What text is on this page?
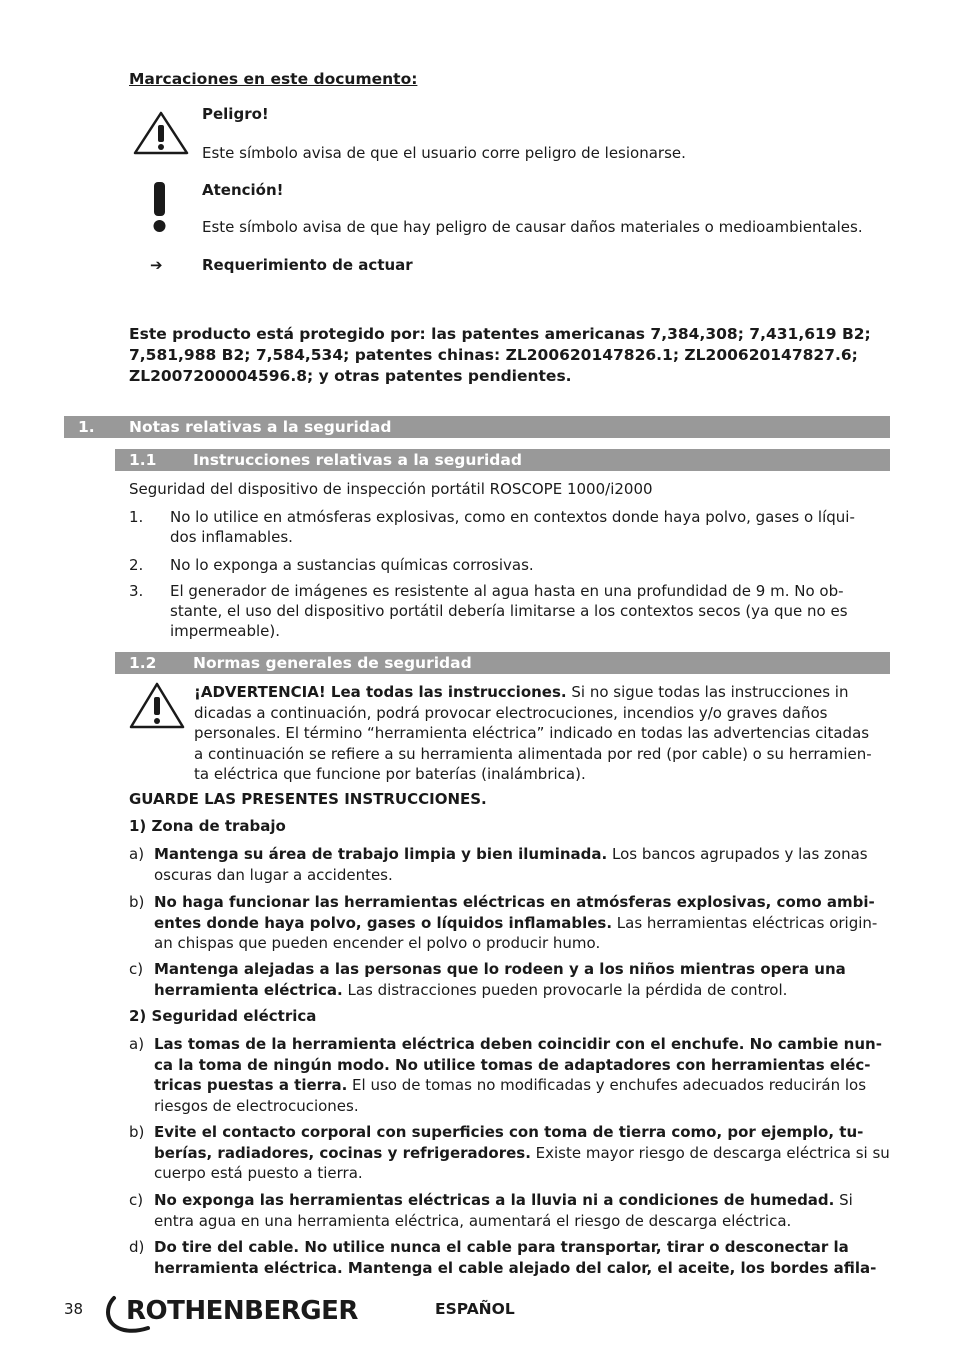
Marcaciones en este documento:
Peligro!
Este símbolo avisa de que el usuario corre peligro de lesionarse.
Atención!
Este símbolo avisa de que hay peligro de causar daños materiales o medioambientales.
➔	Requerimiento de actuar
Este producto está protegido por: las patentes americanas 7,384,308; 7,431,619 B2;
7,581,988 B2; 7,584,534; patentes chinas: ZL200620147826.1; ZL200620147827.6;
ZL2007200004596.8; y otras patentes pendientes.
1. Notas relativas a la seguridad
1.1 Instrucciones relativas a la seguridad
Seguridad del dispositivo de inspección portátil ROSCOPE 1000/i2000
1. No lo utilice en atmósferas explosivas, como en contextos donde haya polvo, gases o líqui-
dos inflamables.
2. No lo exponga a sustancias químicas corrosivas.
3. El generador de imágenes es resistente al agua hasta en una profundidad de 9 m. No ob-
stante, el uso del dispositivo portátil debería limitarse a los contextos secos (ya que no es
impermeable).
1.2 Normas generales de seguridad
¡ADVERTENCIA! Lea todas las instrucciones. Si no sigue todas las instrucciones in
dicadas a continuación, podrá provocar electrocuciones, incendios y/o graves daños
personales. El término “herramienta eléctrica” indicado en todas las advertencias citadas
a continuación se refiere a su herramienta alimentada por red (por cable) o su herramien-
ta eléctrica que funcione por baterías (inalámbrica).
GUARDE LAS PRESENTES INSTRUCCIONES.
1) Zona de trabajo
a) Mantenga su área de trabajo limpia y bien iluminada. Los bancos agrupados y las zonas
oscuras dan lugar a accidentes.
b) No haga funcionar las herramientas eléctricas en atmósferas explosivas, como ambi-
entes donde haya polvo, gases o líquidos inflamables. Las herramientas eléctricas origin-
an chispas que pueden encender el polvo o producir humo.
c) Mantenga alejadas a las personas que lo rodeen y a los niños mientras opera una
herramienta eléctrica. Las distracciones pueden provocarle la pérdida de control.
2) Seguridad eléctrica
a) Las tomas de la herramienta eléctrica deben coincidir con el enchufe. No cambie nun-
ca la toma de ningún modo. No utilice tomas de adaptadores con herramientas eléc-
tricas puestas a tierra. El uso de tomas no modificadas y enchufes adecuados reducirán los
riesgos de electrocuciones.
b) Evite el contacto corporal con superficies con toma de tierra como, por ejemplo, tu-
berías, radiadores, cocinas y refrigeradores. Existe mayor riesgo de descarga eléctrica si su
cuerpo está puesto a tierra.
c) No exponga las herramientas eléctricas a la lluvia ni a condiciones de humedad. Si
entra agua en una herramienta eléctrica, aumentará el riesgo de descarga eléctrica.
d) Do tire del cable. No utilice nunca el cable para transportar, tirar o desconectar la
herramienta eléctrica. Mantenga el cable alejado del calor, el aceite, los bordes afila-
38 ROTHENBERGER	ESPAÑOL
